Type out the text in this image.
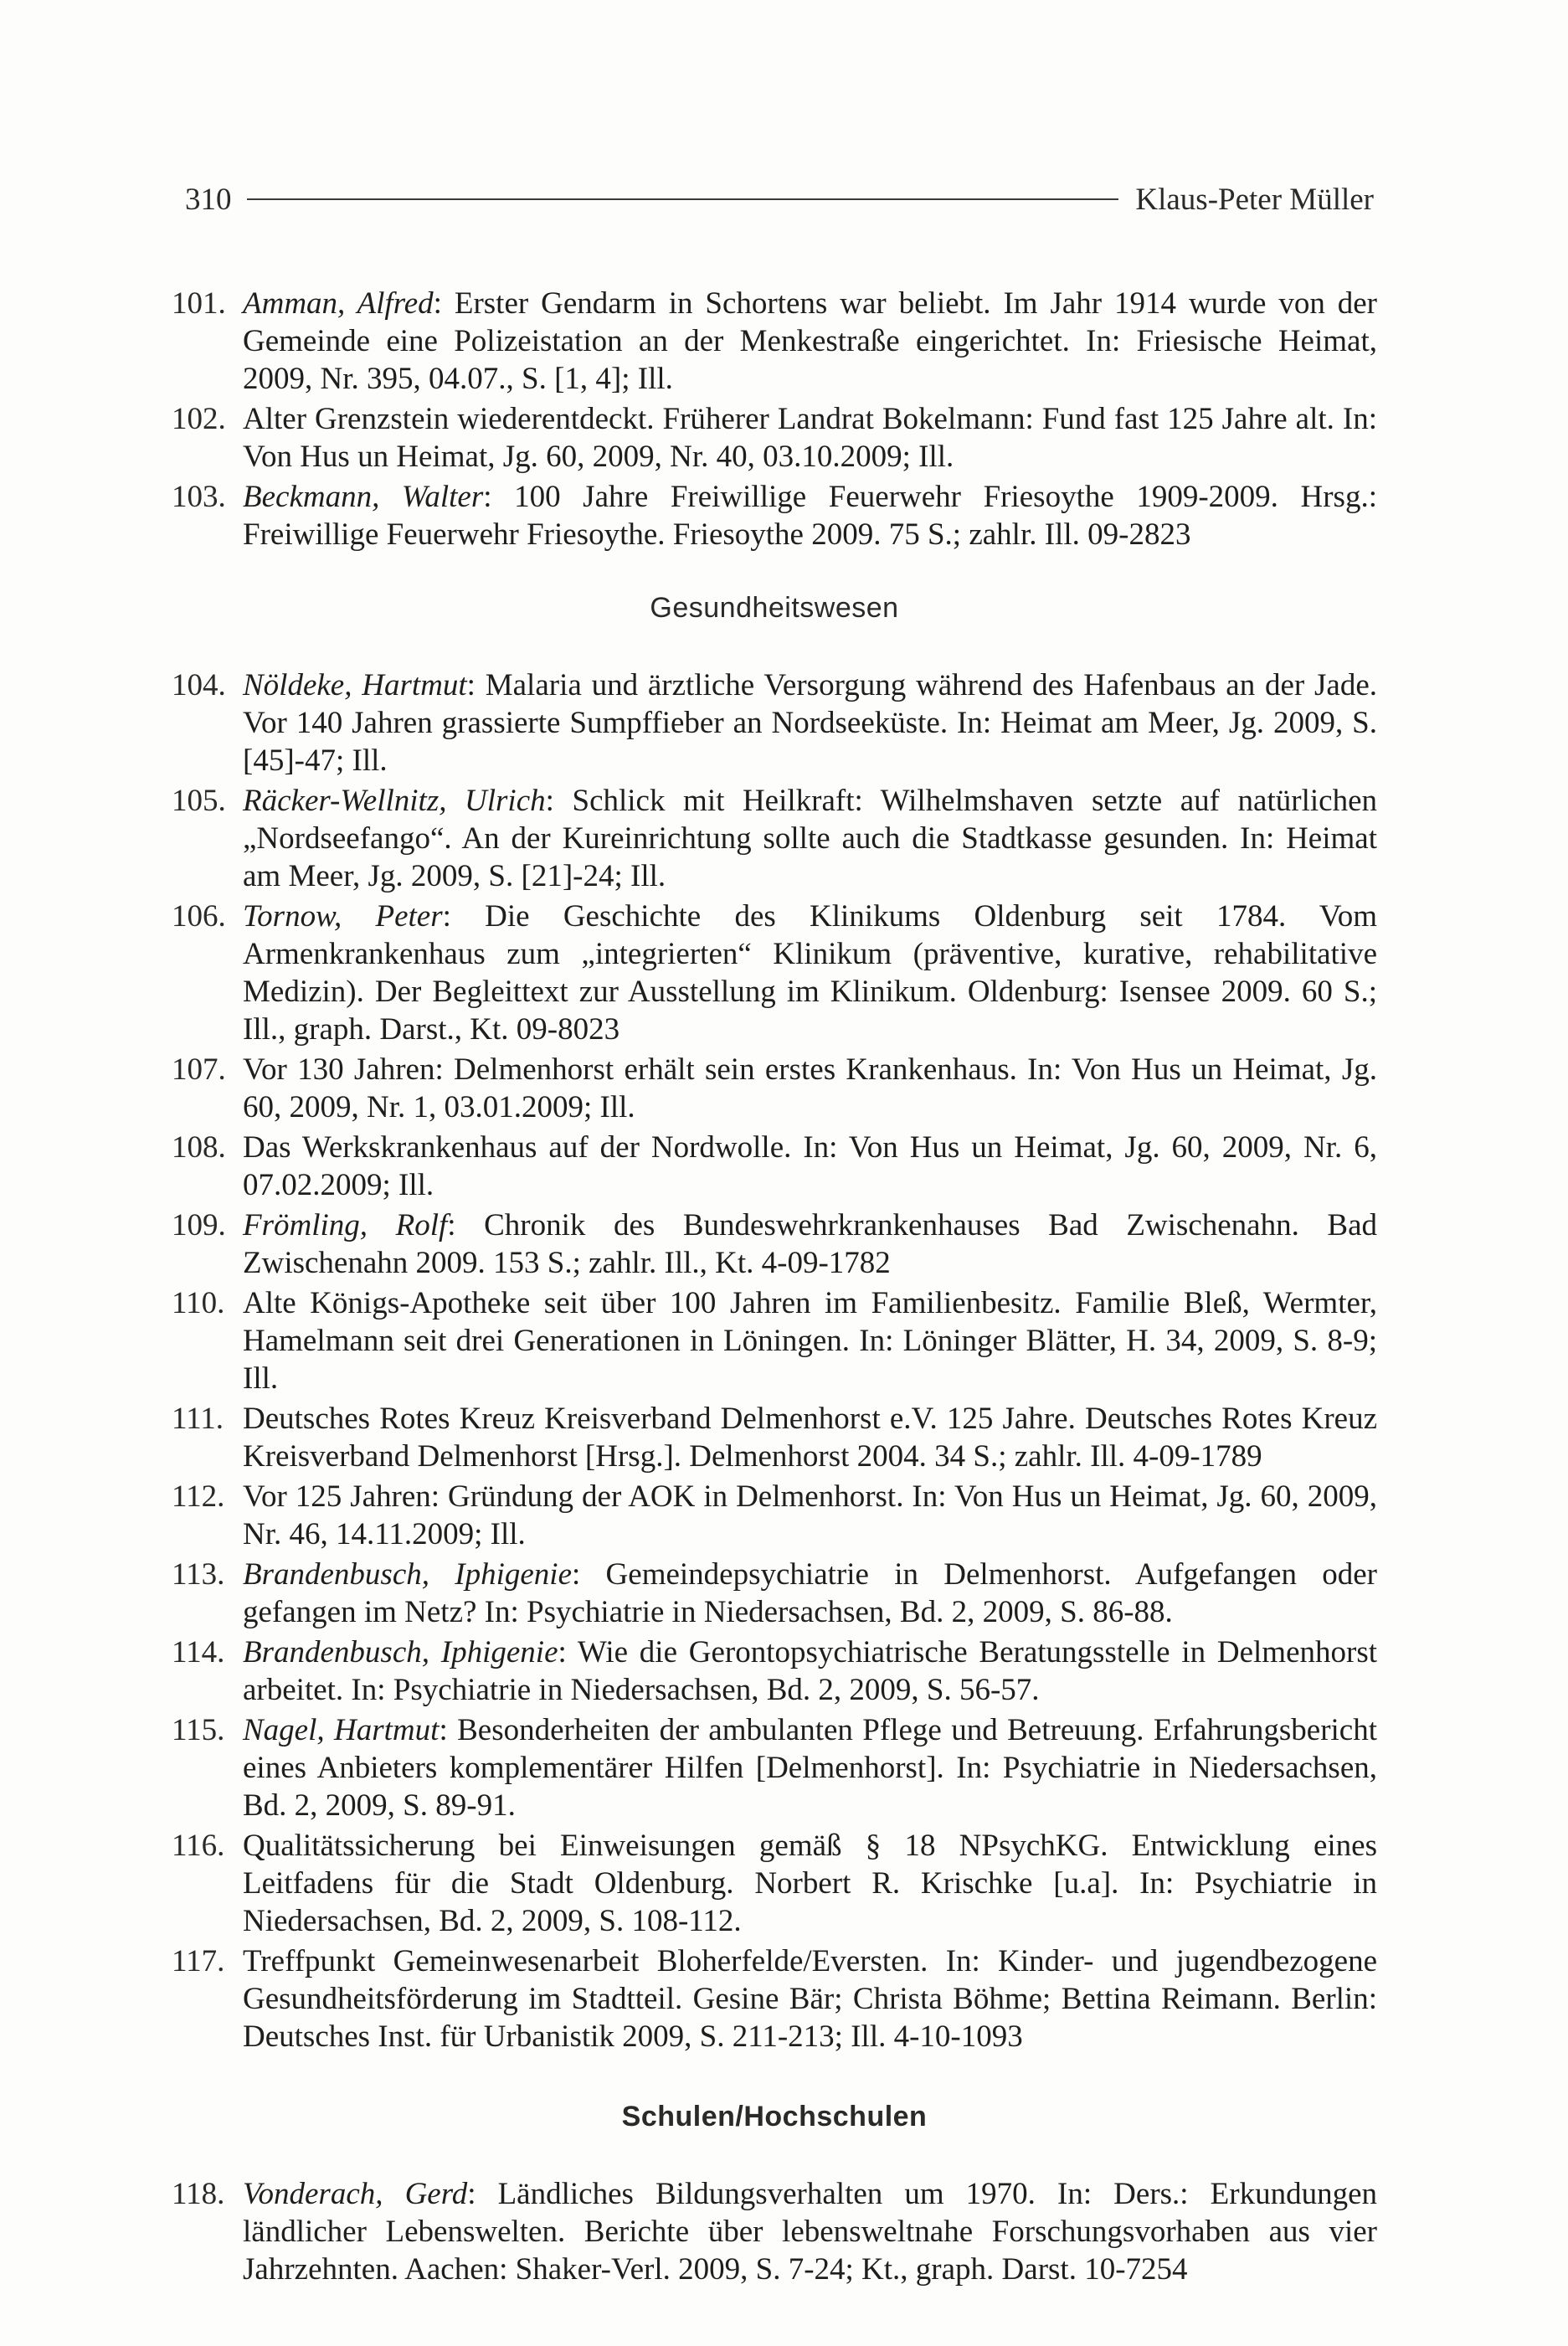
310	Klaus-Peter Müller
101. Amman, Alfred: Erster Gendarm in Schortens war beliebt. Im Jahr 1914 wurde von der Gemeinde eine Polizeistation an der Menkestraße eingerichtet. In: Friesische Heimat, 2009, Nr. 395, 04.07., S. [1, 4]; Ill.
102. Alter Grenzstein wiederentdeckt. Früherer Landrat Bokelmann: Fund fast 125 Jahre alt. In: Von Hus un Heimat, Jg. 60, 2009, Nr. 40, 03.10.2009; Ill.
103. Beckmann, Walter: 100 Jahre Freiwillige Feuerwehr Friesoythe 1909-2009. Hrsg.: Freiwillige Feuerwehr Friesoythe. Friesoythe 2009. 75 S.; zahlr. Ill. 09-2823
Gesundheitswesen
104. Nöldeke, Hartmut: Malaria und ärztliche Versorgung während des Hafenbaus an der Jade. Vor 140 Jahren grassierte Sumpffieber an Nordseeküste. In: Heimat am Meer, Jg. 2009, S. [45]-47; Ill.
105. Räcker-Wellnitz, Ulrich: Schlick mit Heilkraft: Wilhelmshaven setzte auf natürlichen „Nordseefango“. An der Kureinrichtung sollte auch die Stadtkasse gesunden. In: Heimat am Meer, Jg. 2009, S. [21]-24; Ill.
106. Tornow, Peter: Die Geschichte des Klinikums Oldenburg seit 1784. Vom Armenkrankenhaus zum „integrierten“ Klinikum (präventive, kurative, rehabilitative Medizin). Der Begleittext zur Ausstellung im Klinikum. Oldenburg: Isensee 2009. 60 S.; Ill., graph. Darst., Kt. 09-8023
107. Vor 130 Jahren: Delmenhorst erhält sein erstes Krankenhaus. In: Von Hus un Heimat, Jg. 60, 2009, Nr. 1, 03.01.2009; Ill.
108. Das Werkskrankenhaus auf der Nordwolle. In: Von Hus un Heimat, Jg. 60, 2009, Nr. 6, 07.02.2009; Ill.
109. Frömling, Rolf: Chronik des Bundeswehrkrankenhauses Bad Zwischenahn. Bad Zwischenahn 2009. 153 S.; zahlr. Ill., Kt. 4-09-1782
110. Alte Königs-Apotheke seit über 100 Jahren im Familienbesitz. Familie Bleß, Wermter, Hamelmann seit drei Generationen in Löningen. In: Löninger Blätter, H. 34, 2009, S. 8-9; Ill.
111. Deutsches Rotes Kreuz Kreisverband Delmenhorst e.V. 125 Jahre. Deutsches Rotes Kreuz Kreisverband Delmenhorst [Hrsg.]. Delmenhorst 2004. 34 S.; zahlr. Ill. 4-09-1789
112. Vor 125 Jahren: Gründung der AOK in Delmenhorst. In: Von Hus un Heimat, Jg. 60, 2009, Nr. 46, 14.11.2009; Ill.
113. Brandenbusch, Iphigenie: Gemeindepsychiatrie in Delmenhorst. Aufgefangen oder gefangen im Netz? In: Psychiatrie in Niedersachsen, Bd. 2, 2009, S. 86-88.
114. Brandenbusch, Iphigenie: Wie die Gerontopsychiatrische Beratungsstelle in Delmenhorst arbeitet. In: Psychiatrie in Niedersachsen, Bd. 2, 2009, S. 56-57.
115. Nagel, Hartmut: Besonderheiten der ambulanten Pflege und Betreuung. Erfahrungsbericht eines Anbieters komplementärer Hilfen [Delmenhorst]. In: Psychiatrie in Niedersachsen, Bd. 2, 2009, S. 89-91.
116. Qualitätssicherung bei Einweisungen gemäß § 18 NPsychKG. Entwicklung eines Leitfadens für die Stadt Oldenburg. Norbert R. Krischke [u.a]. In: Psychiatrie in Niedersachsen, Bd. 2, 2009, S. 108-112.
117. Treffpunkt Gemeinwesenarbeit Bloherfelde/Eversten. In: Kinder- und jugendbezogene Gesundheitsförderung im Stadtteil. Gesine Bär; Christa Böhme; Bettina Reimann. Berlin: Deutsches Inst. für Urbanistik 2009, S. 211-213; Ill. 4-10-1093
Schulen/Hochschulen
118. Vonderach, Gerd: Ländliches Bildungsverhalten um 1970. In: Ders.: Erkundungen ländlicher Lebenswelten. Berichte über lebensweltnahe Forschungsvorhaben aus vier Jahrzehnten. Aachen: Shaker-Verl. 2009, S. 7-24; Kt., graph. Darst. 10-7254
